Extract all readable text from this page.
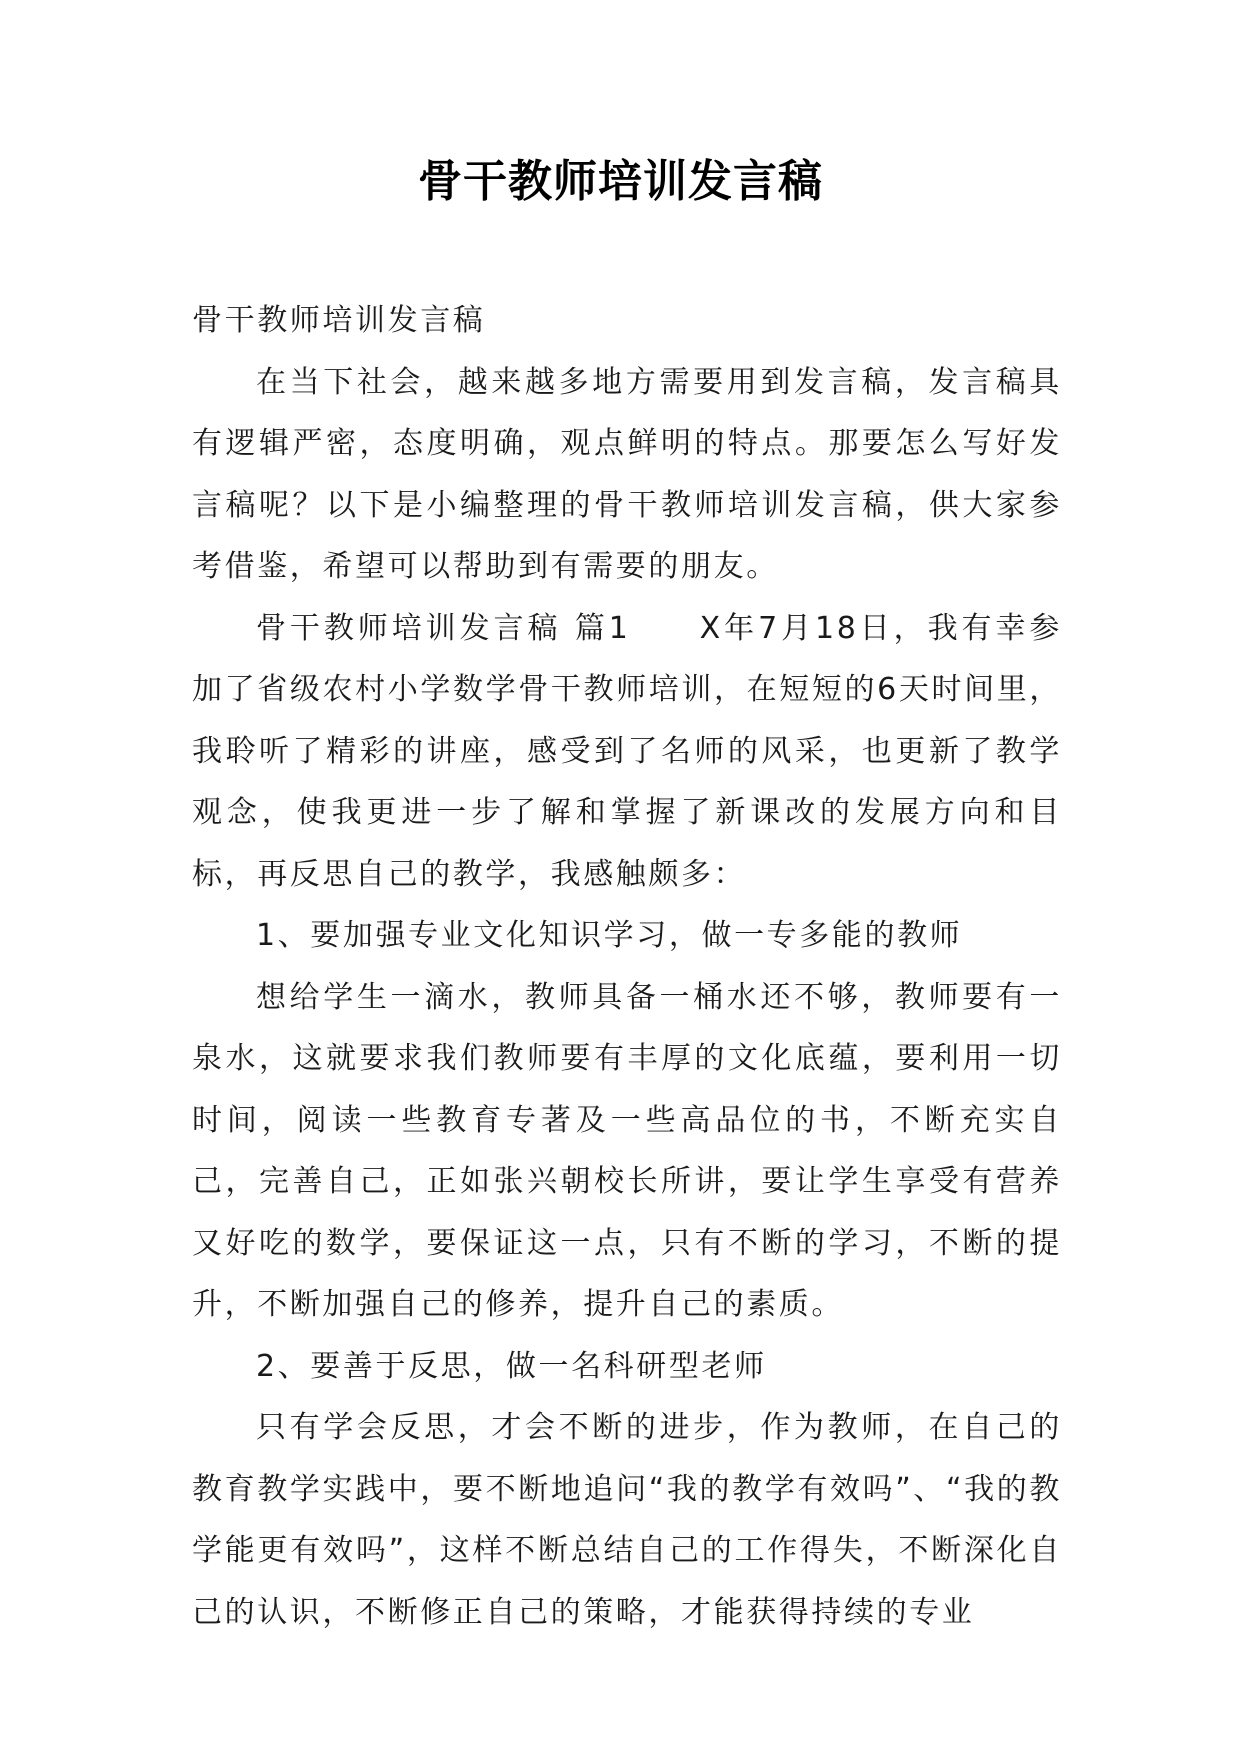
骨干教师培训发言稿

骨干教师培训发言稿

在当下社会，越来越多地方需要用到发言稿，发言稿具有逻辑严密，态度明确，观点鲜明的特点。那要怎么写好发言稿呢？以下是小编整理的骨干教师培训发言稿，供大家参考借鉴，希望可以帮助到有需要的朋友。

骨干教师培训发言稿 篇1　　X年7月18日，我有幸参加了省级农村小学数学骨干教师培训，在短短的6天时间里，我聆听了精彩的讲座，感受到了名师的风采，也更新了教学观念，使我更进一步了解和掌握了新课改的发展方向和目标，再反思自己的教学，我感触颇多：

1、要加强专业文化知识学习，做一专多能的教师

想给学生一滴水，教师具备一桶水还不够，教师要有一泉水，这就要求我们教师要有丰厚的文化底蕴，要利用一切时间，阅读一些教育专著及一些高品位的书，不断充实自己，完善自己，正如张兴朝校长所讲，要让学生享受有营养又好吃的数学，要保证这一点，只有不断的学习，不断的提升，不断加强自己的修养，提升自己的素质。

2、要善于反思，做一名科研型老师

只有学会反思，才会不断的进步，作为教师，在自己的教育教学实践中，要不断地追问“我的教学有效吗”、“我的教学能更有效吗”，这样不断总结自己的工作得失，不断深化自己的认识，不断修正自己的策略，才能获得持续的专业
